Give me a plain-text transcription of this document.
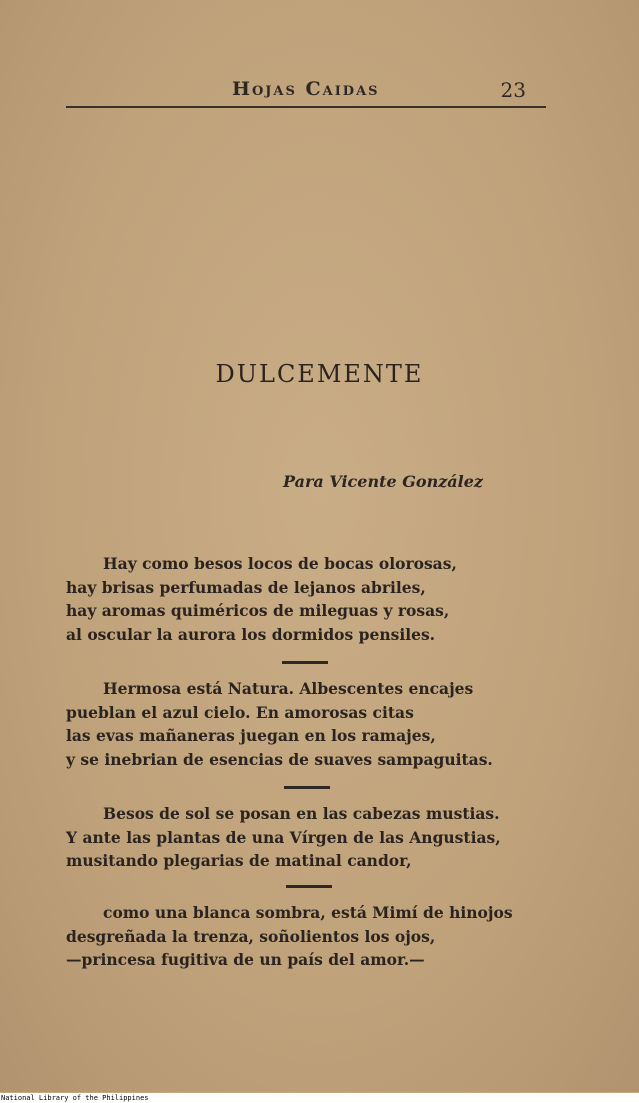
Hojas Caidas	23
DULCEMENTE
Para Vicente González
Hay como besos locos de bocas olorosas,
hay brisas perfumadas de lejanos abriles,
hay aromas quiméricos de mileguas y rosas,
al oscular la aurora los dormidos pensiles.
Hermosa está Natura. Albescentes encajes
pueblan el azul cielo. En amorosas citas
las evas mañaneras juegan en los ramajes,
y se inebrian de esencias de suaves sampaguitas.
Besos de sol se posan en las cabezas mustias.
Y ante las plantas de una Vírgen de las Angustias,
musitando plegarias de matinal candor,
como una blanca sombra, está Mimí de hinojos
desgreñada la trenza, soñolientos los ojos,
—princesa fugitiva de un país del amor.—
National Library of the Philippines
